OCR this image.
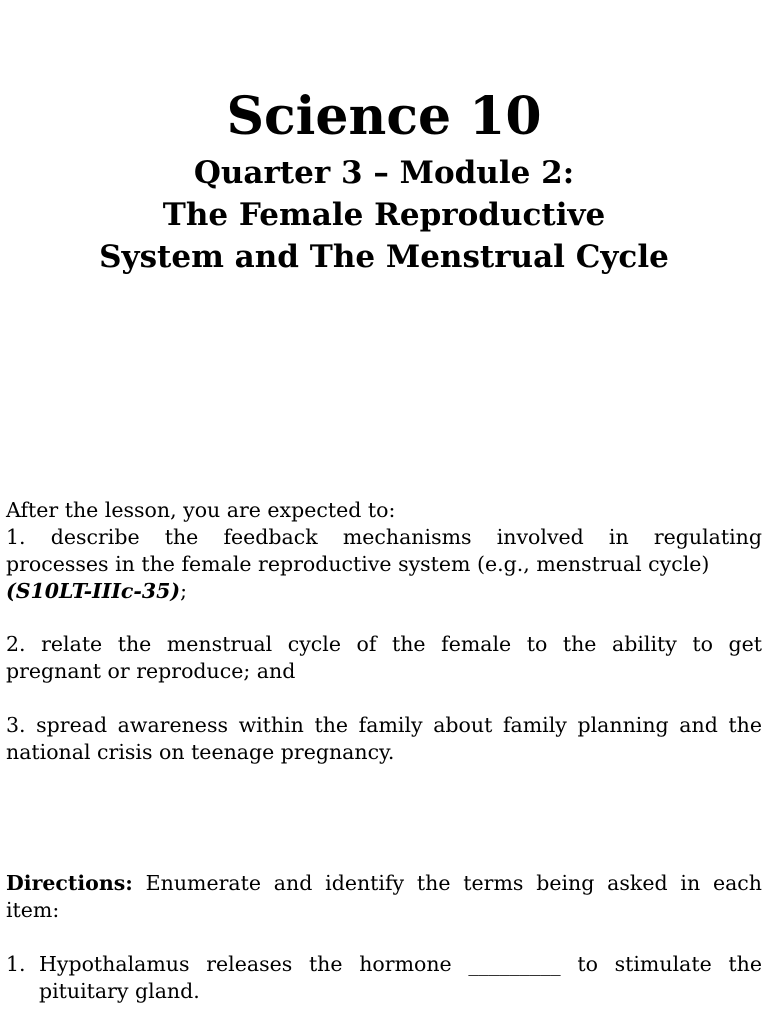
Science 10
Quarter 3 – Module 2:
The Female Reproductive
System and The Menstrual Cycle
After the lesson, you are expected to:
1. describe the feedback mechanisms involved in regulating
processes in the female reproductive system (e.g., menstrual cycle)
(S10LT-IIIc-35);
2. relate the menstrual cycle of the female to the ability to get
pregnant or reproduce; and
3. spread awareness within the family about family planning and the
national crisis on teenage pregnancy.
Directions: Enumerate and identify the terms being asked in each
item:
1. Hypothalamus releases the hormone _________ to stimulate the
pituitary gland.
